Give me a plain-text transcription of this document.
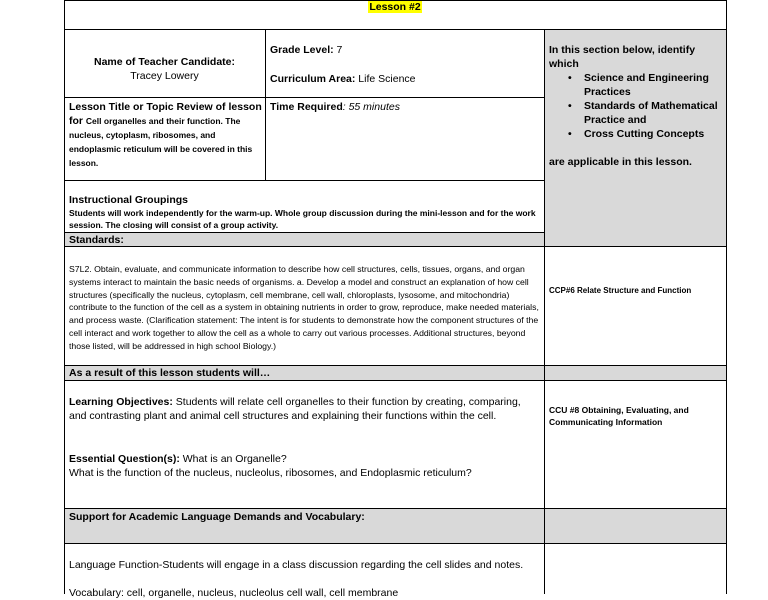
Lesson #2
Name of Teacher Candidate:
Tracey Lowery
Grade Level: 7
Curriculum Area: Life Science
In this section below, identify which
• Science and Engineering Practices
• Standards of Mathematical Practice and
• Cross Cutting Concepts
are applicable in this lesson.
Lesson Title or Topic Review of lesson for Cell organelles and their function. The nucleus, cytoplasm, ribosomes, and endoplasmic reticulum will be covered in this lesson.
Time Required: 55 minutes
Instructional Groupings
Students will work independently for the warm-up. Whole group discussion during the mini-lesson and for the work session. The closing will consist of a group activity.
Standards:
S7L2. Obtain, evaluate, and communicate information to describe how cell structures, cells, tissues, organs, and organ systems interact to maintain the basic needs of organisms. a. Develop a model and construct an explanation of how cell structures (specifically the nucleus, cytoplasm, cell membrane, cell wall, chloroplasts, lysosome, and mitochondria) contribute to the function of the cell as a system in obtaining nutrients in order to grow, reproduce, make needed materials, and process waste. (Clarification statement: The intent is for students to demonstrate how the component structures of the cell interact and work together to allow the cell as a whole to carry out various processes. Additional structures, beyond those listed, will be addressed in high school Biology.)
CCP#6 Relate Structure and Function
As a result of this lesson students will…
Learning Objectives: Students will relate cell organelles to their function by creating, comparing, and contrasting plant and animal cell structures and explaining their functions within the cell.	CCU #8 Obtaining, Evaluating, and Communicating Information
Essential Question(s): What is an Organelle?
What is the function of the nucleus, nucleolus, ribosomes, and Endoplasmic reticulum?
Support for Academic Language Demands and Vocabulary:
Language Function-Students will engage in a class discussion regarding the cell slides and notes.
Vocabulary: cell, organelle, nucleus, nucleolus cell wall, cell membrane
